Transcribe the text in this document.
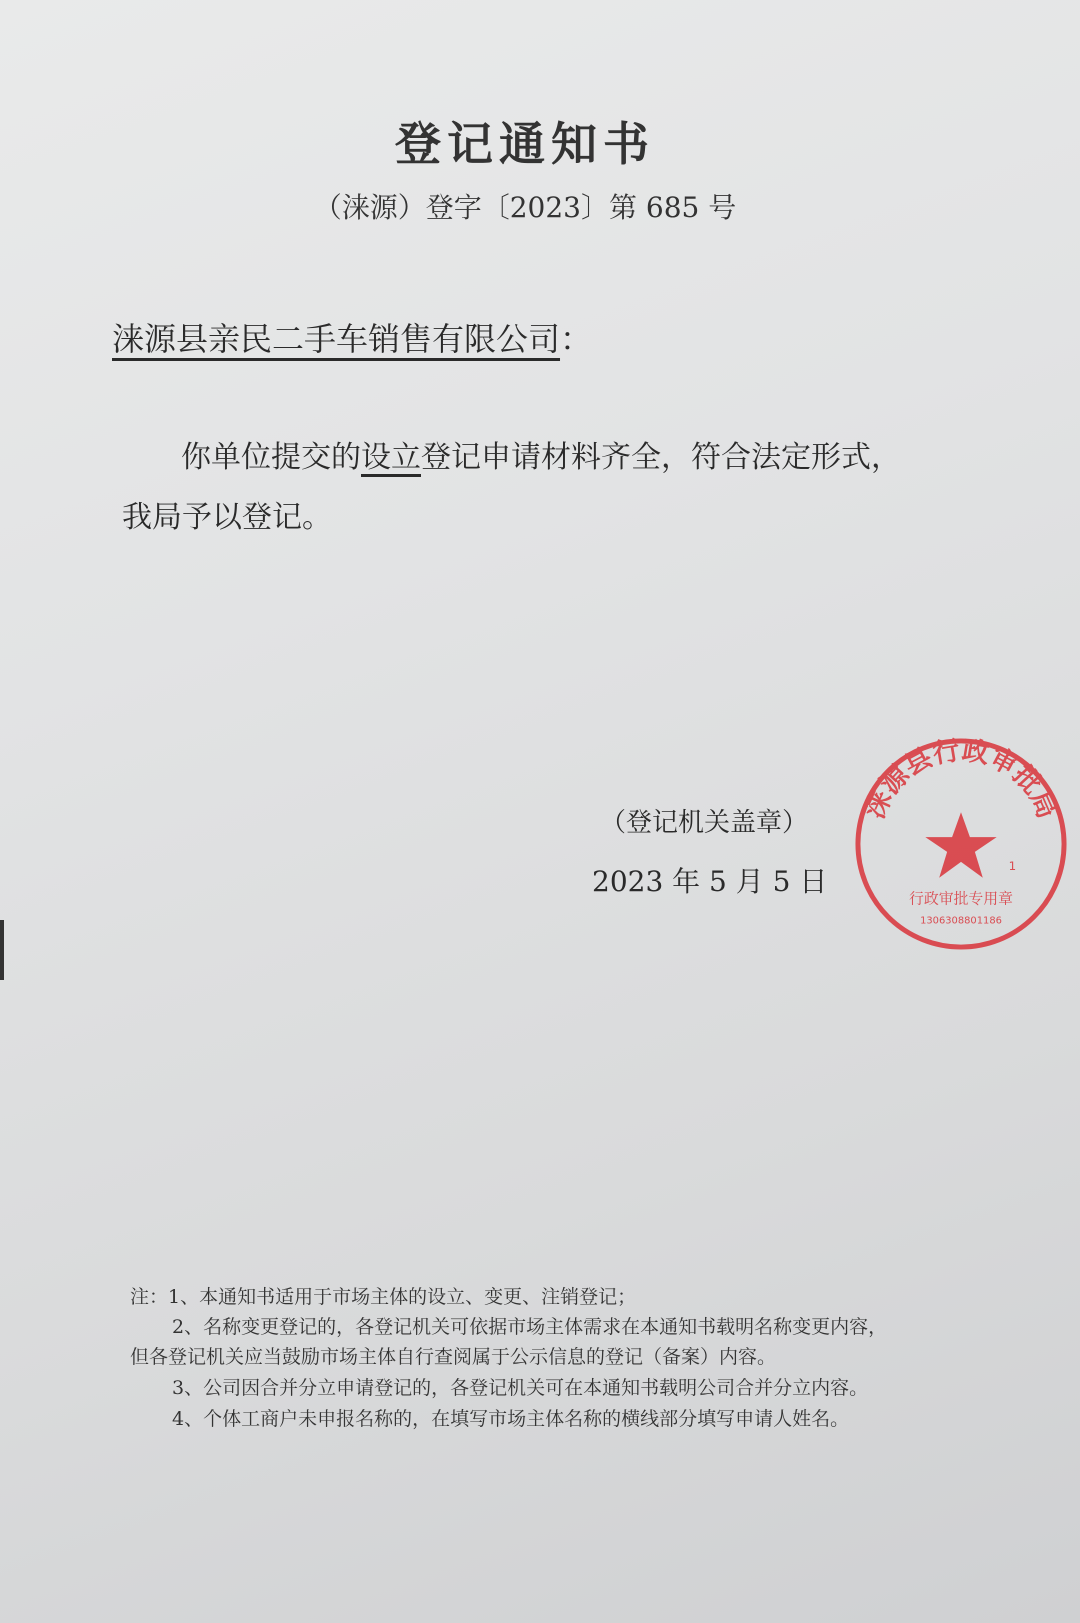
登记通知书
（涞源）登字〔2023〕第 685 号
涞源县亲民二手车销售有限公司：
你单位提交的设立登记申请材料齐全，符合法定形式，
我局予以登记。
（登记机关盖章）
2023 年 5 月 5 日
涞源县行政审批局
行政审批专用章
1306308801186
1
注：1、本通知书适用于市场主体的设立、变更、注销登记；
2、名称变更登记的，各登记机关可依据市场主体需求在本通知书载明名称变更内容，
但各登记机关应当鼓励市场主体自行查阅属于公示信息的登记（备案）内容。
3、公司因合并分立申请登记的，各登记机关可在本通知书载明公司合并分立内容。
4、个体工商户未申报名称的，在填写市场主体名称的横线部分填写申请人姓名。
